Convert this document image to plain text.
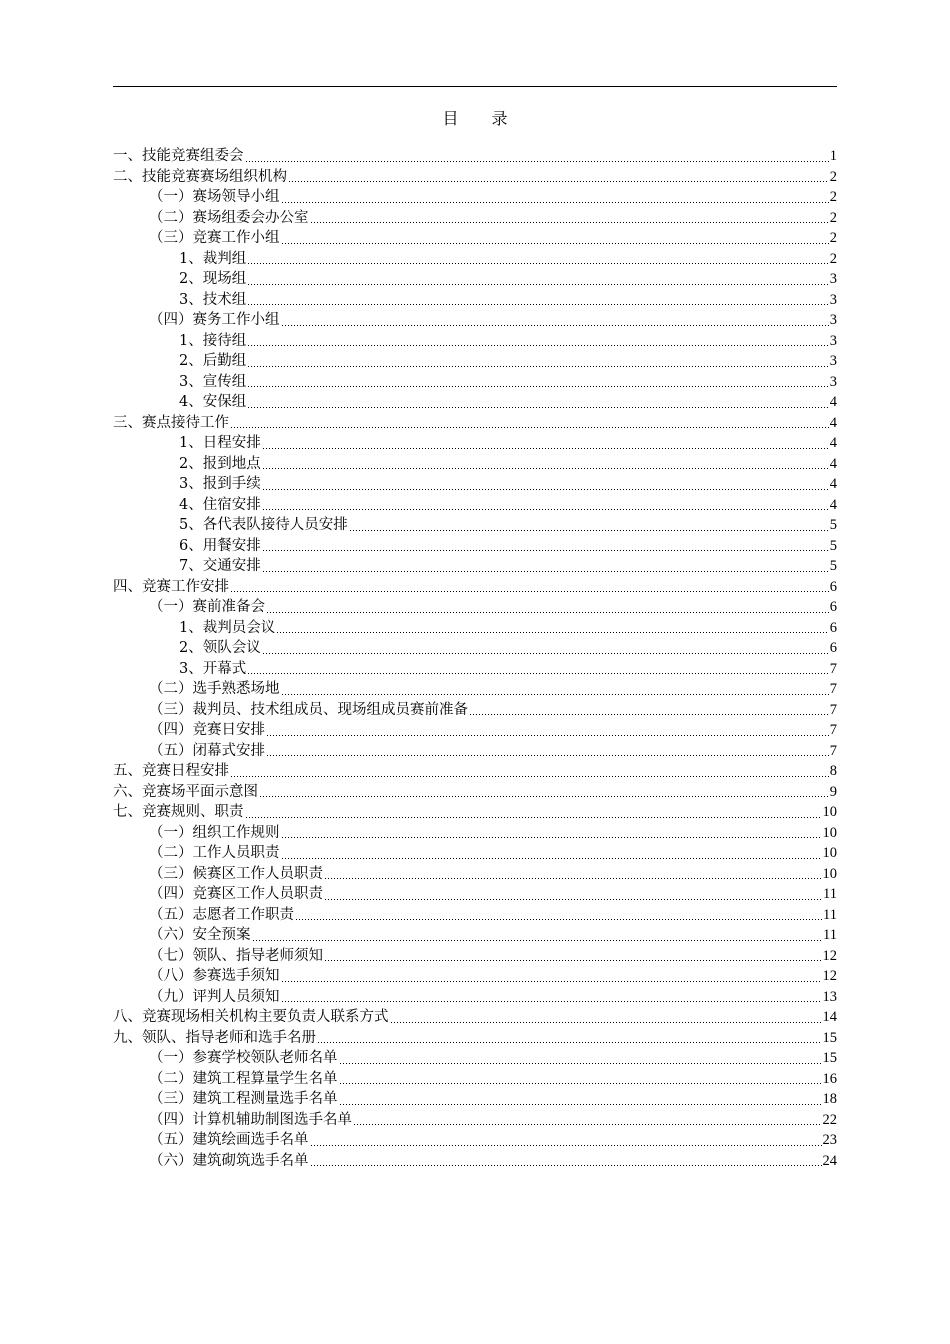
目 录
一、技能竞赛组委会	1
二、技能竞赛赛场组织机构	2
（一）赛场领导小组	2
（二）赛场组委会办公室	2
（三）竞赛工作小组	2
1、裁判组	2
2、现场组	3
3、技术组	3
（四）赛务工作小组	3
1、接待组	3
2、后勤组	3
3、宣传组	3
4、安保组	4
三、赛点接待工作	4
1、日程安排	4
2、报到地点	4
3、报到手续	4
4、住宿安排	4
5、各代表队接待人员安排	5
6、用餐安排	5
7、交通安排	5
四、竞赛工作安排	6
（一）赛前准备会	6
1、裁判员会议	6
2、领队会议	6
3、开幕式	7
（二）选手熟悉场地	7
（三）裁判员、技术组成员、现场组成员赛前准备	7
（四）竞赛日安排	7
（五）闭幕式安排	7
五、竞赛日程安排	8
六、竞赛场平面示意图	9
七、竞赛规则、职责	10
（一）组织工作规则	10
（二）工作人员职责	10
（三）候赛区工作人员职责	10
（四）竞赛区工作人员职责	11
（五）志愿者工作职责	11
（六）安全预案	11
（七）领队、指导老师须知	12
（八）参赛选手须知	12
（九）评判人员须知	13
八、竞赛现场相关机构主要负责人联系方式	14
九、领队、指导老师和选手名册	15
（一）参赛学校领队老师名单	15
（二）建筑工程算量学生名单	16
（三）建筑工程测量选手名单	18
（四）计算机辅助制图选手名单	22
（五）建筑绘画选手名单	23
（六）建筑砌筑选手名单	24
